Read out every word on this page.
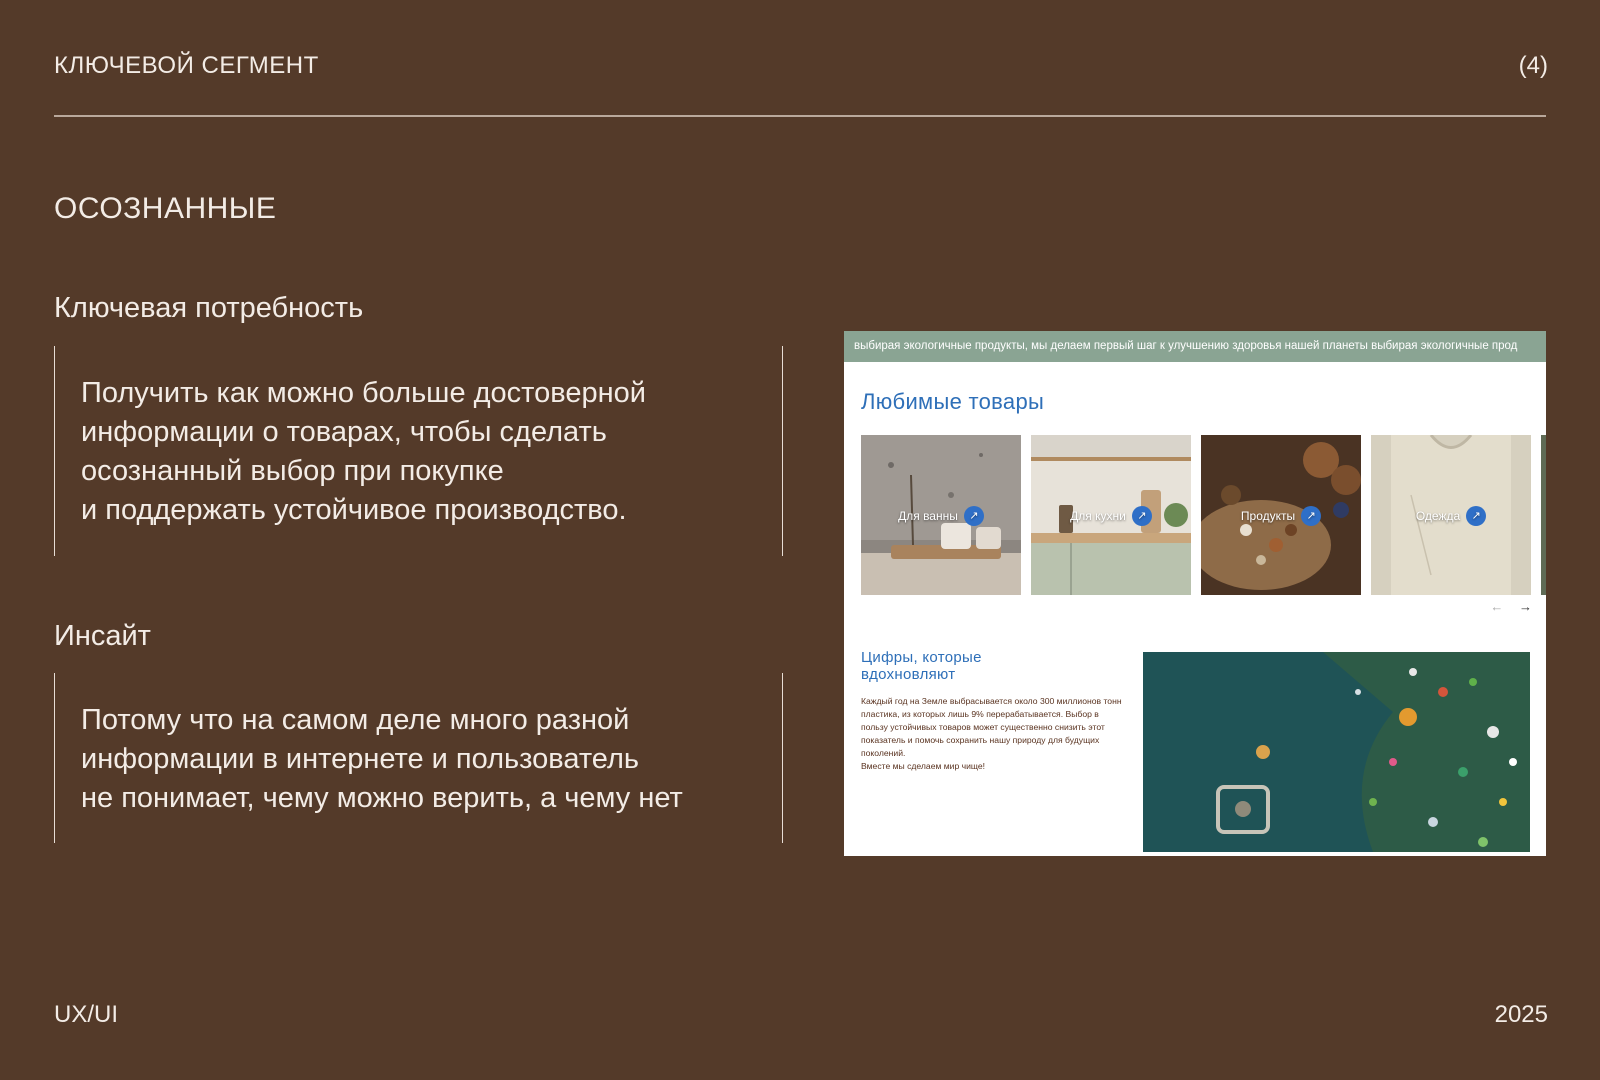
КЛЮЧЕВОЙ СЕГМЕНТ	(4)
ОСОЗНАННЫЕ
Ключевая потребность
Получить как можно больше достоверной
информации о товарах, чтобы сделать
осознанный выбор при покупке
и поддержать устойчивое производство.
Инсайт
Потому что на самом деле много разной
информации в интернете и пользователь
не понимает, чему можно верить, а чему нет
выбирая экологичные продукты, мы делаем первый шаг к улучшению здоровья нашей планеты выбирая экологичные прод
Любимые товары
Для ванны ↗	Для кухни ↗	Продукты ↗	Одежда ↗
← →
Цифры, которые
вдохновляют

Каждый год на Земле выбрасывается около 300 миллионов тонн

пластика, из которых лишь 9% перерабатывается. Выбор в

пользу устойчивых товаров может существенно снизить этот

показатель и помочь сохранить нашу природу для будущих

поколений.

Вместе мы сделаем мир чище!

UX/UI	2025
